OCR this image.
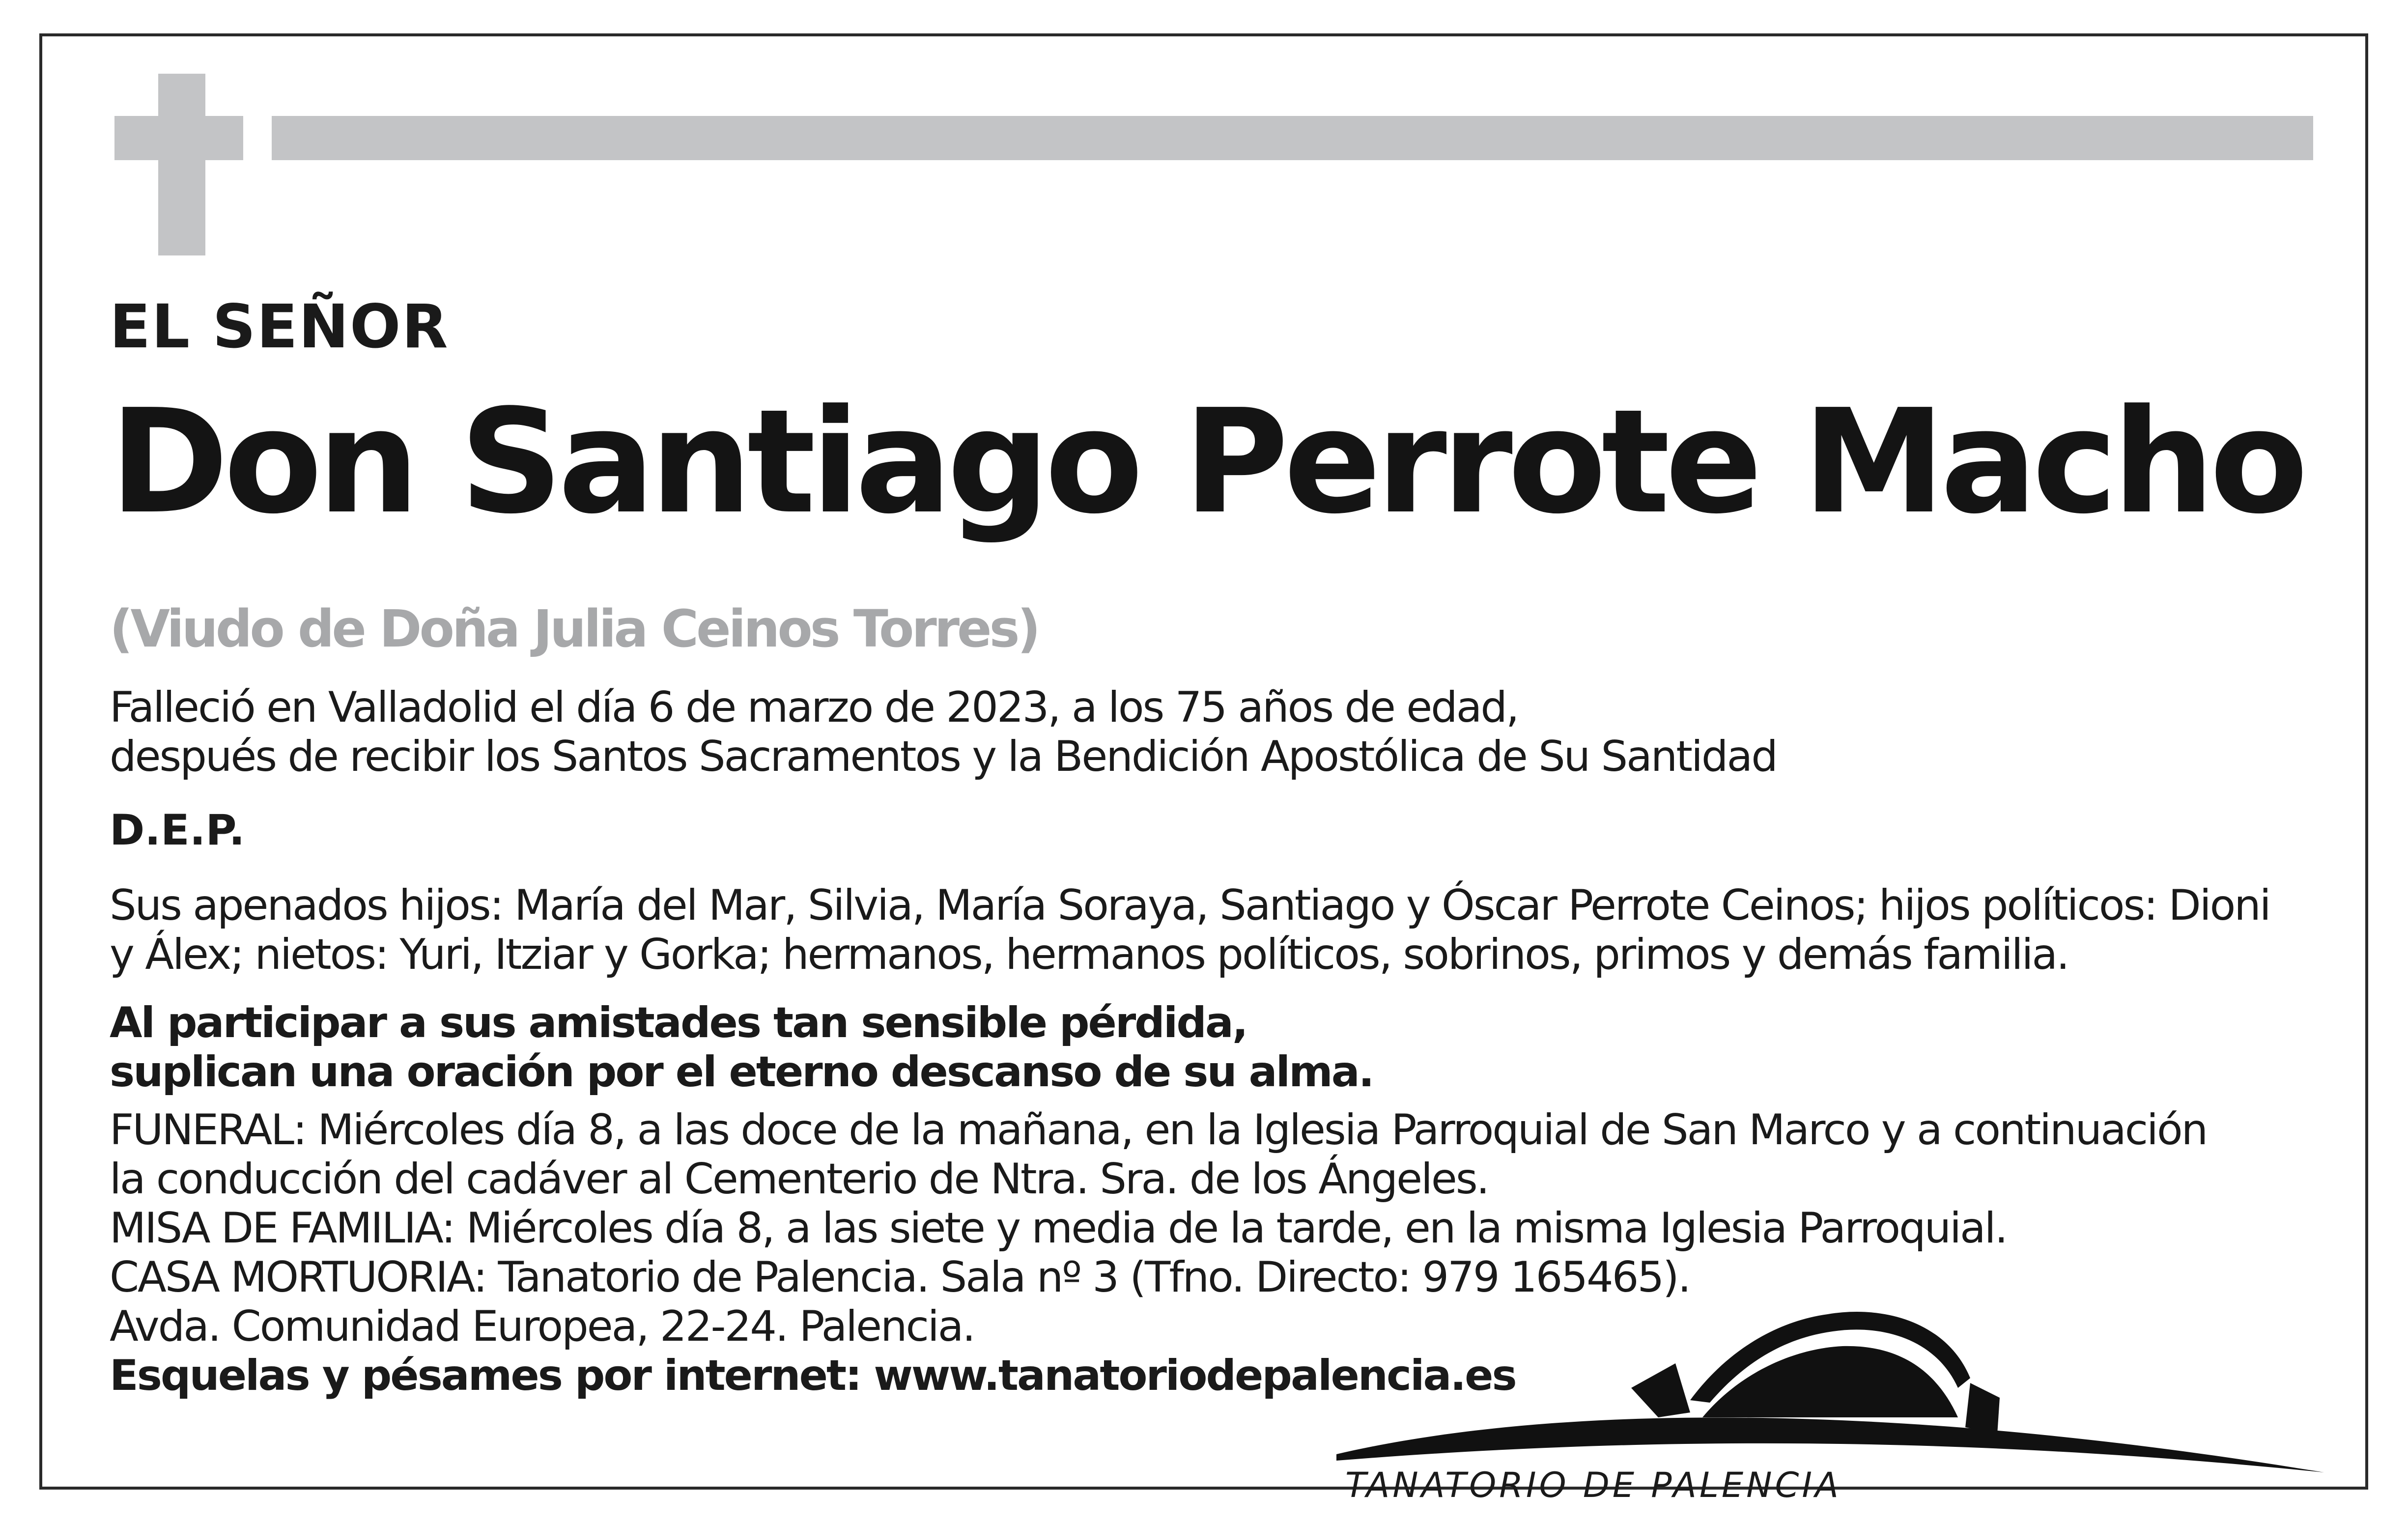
EL SEÑOR

Don Santiago Perrote Macho

(Viudo de Doña Julia Ceinos Torres)

Falleció en Valladolid el día 6 de marzo de 2023, a los 75 años de edad,

después de recibir los Santos Sacramentos y la Bendición Apostólica de Su Santidad

D.E.P.

Sus apenados hijos: María del Mar, Silvia, María Soraya, Santiago y Óscar Perrote Ceinos; hijos políticos: Dioni

y Álex; nietos: Yuri, Itziar y Gorka; hermanos, hermanos políticos, sobrinos, primos y demás familia.

Al participar a sus amistades tan sensible pérdida,

suplican una oración por el eterno descanso de su alma.

FUNERAL: Miércoles día 8, a las doce de la mañana, en la Iglesia Parroquial de San Marco y a continuación

la conducción del cadáver al Cementerio de Ntra. Sra. de los Ángeles.

MISA DE FAMILIA: Miércoles día 8, a las siete y media de la tarde, en la misma Iglesia Parroquial.

CASA MORTUORIA: Tanatorio de Palencia. Sala nº 3 (Tfno. Directo: 979 165465).

Avda. Comunidad Europea, 22-24. Palencia.

Esquelas y pésames por internet: www.tanatoriodepalencia.es

TANATORIO DE PALENCIA
